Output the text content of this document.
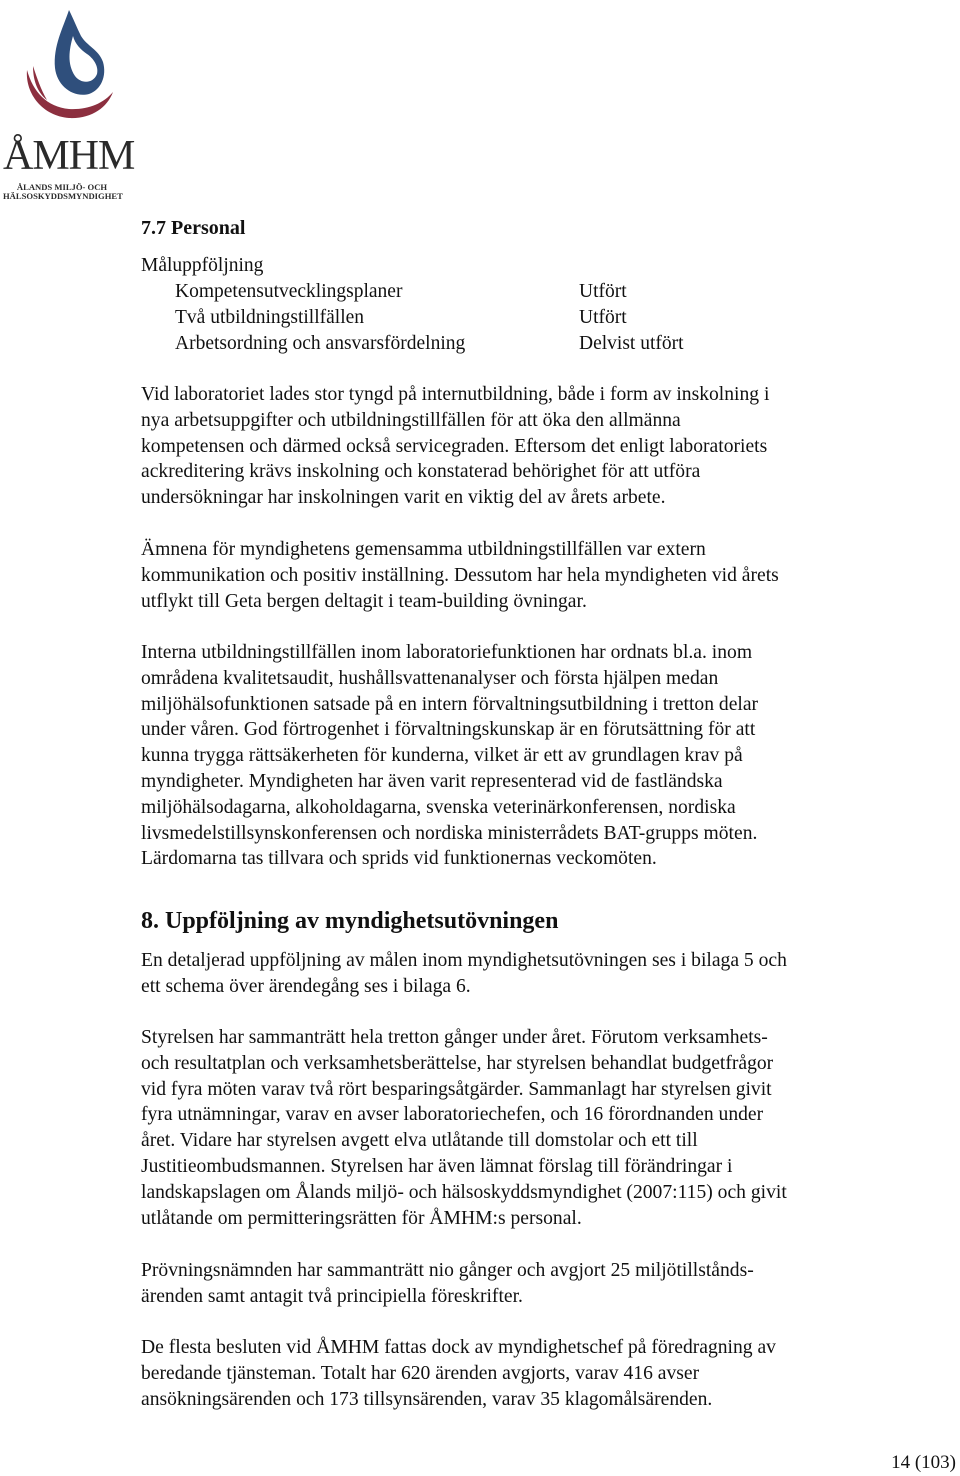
ÅMHM
ÅLANDS MILJÖ- OCH
HÄLSOSKYDDSMYNDIGHET
7.7 Personal
Måluppföljning
Kompetensutvecklingsplaner	Utfört
Två utbildningstillfällen	Utfört
Arbetsordning och ansvarsfördelning	Delvist utfört

Vid laboratoriet lades stor tyngd på internutbildning, både i form av inskolning i
nya arbetsuppgifter och utbildningstillfällen för att öka den allmänna
kompetensen och därmed också servicegraden. Eftersom det enligt laboratoriets
ackreditering krävs inskolning och konstaterad behörighet för att utföra
undersökningar har inskolningen varit en viktig del av årets arbete.

Ämnena för myndighetens gemensamma utbildningstillfällen var extern
kommunikation och positiv inställning. Dessutom har hela myndigheten vid årets
utflykt till Geta bergen deltagit i team-building övningar.

Interna utbildningstillfällen inom laboratoriefunktionen har ordnats bl.a. inom
områdena kvalitetsaudit, hushållsvattenanalyser och första hjälpen medan
miljöhälsofunktionen satsade på en intern förvaltningsutbildning i tretton delar
under våren. God förtrogenhet i förvaltningskunskap är en förutsättning för att
kunna trygga rättsäkerheten för kunderna, vilket är ett av grundlagen krav på
myndigheter. Myndigheten har även varit representerad vid de fastländska
miljöhälsodagarna, alkoholdagarna, svenska veterinärkonferensen, nordiska
livsmedelstillsynskonferensen och nordiska ministerrådets BAT-grupps möten.
Lärdomarna tas tillvara och sprids vid funktionernas veckomöten.

8. Uppföljning av myndighetsutövningen

En detaljerad uppföljning av målen inom myndighetsutövningen ses i bilaga 5 och
ett schema över ärendegång ses i bilaga 6.

Styrelsen har sammanträtt hela tretton gånger under året. Förutom verksamhets-
och resultatplan och verksamhetsberättelse, har styrelsen behandlat budgetfrågor
vid fyra möten varav två rört besparingsåtgärder. Sammanlagt har styrelsen givit
fyra utnämningar, varav en avser laboratoriechefen, och 16 förordnanden under
året. Vidare har styrelsen avgett elva utlåtande till domstolar och ett till
Justitieombudsmannen. Styrelsen har även lämnat förslag till förändringar i
landskapslagen om Ålands miljö- och hälsoskyddsmyndighet (2007:115) och givit
utlåtande om permitteringsrätten för ÅMHM:s personal.

Prövningsnämnden har sammanträtt nio gånger och avgjort 25 miljötillstånds-
ärenden samt antagit två principiella föreskrifter.

De flesta besluten vid ÅMHM fattas dock av myndighetschef på föredragning av
beredande tjänsteman. Totalt har 620 ärenden avgjorts, varav 416 avser
ansökningsärenden och 173 tillsynsärenden, varav 35 klagomålsärenden.

14 (103)
